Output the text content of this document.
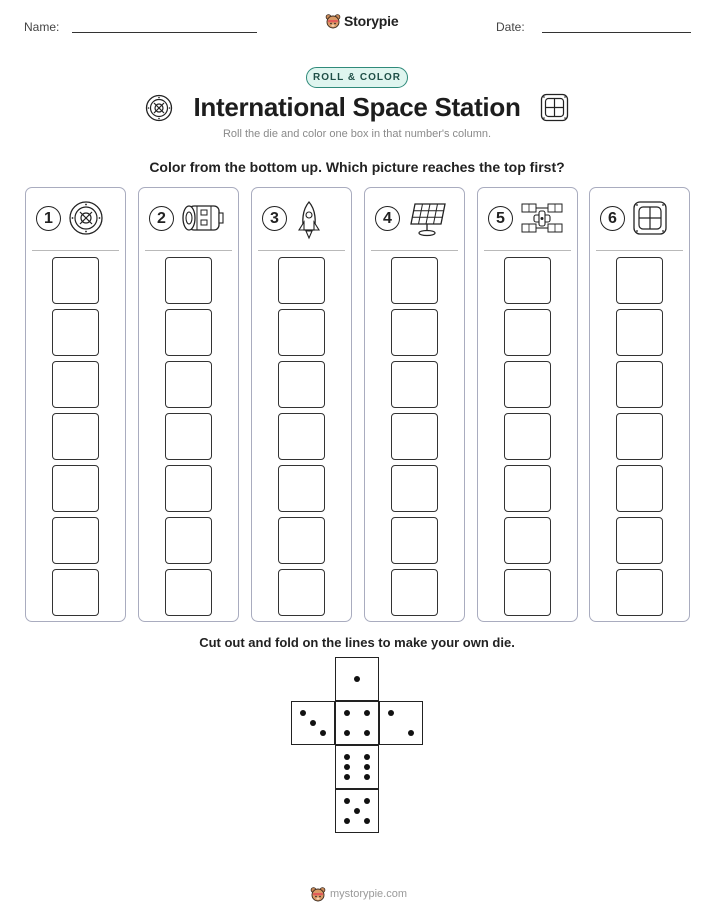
Name:	Storypie	Date:
ROLL & COLOR
International Space Station
Roll the die and color one box in that number's column.
Color from the bottom up. Which picture reaches the top first?
1	2	3	4	5	6
Cut out and fold on the lines to make your own die.
mystorypie.com
